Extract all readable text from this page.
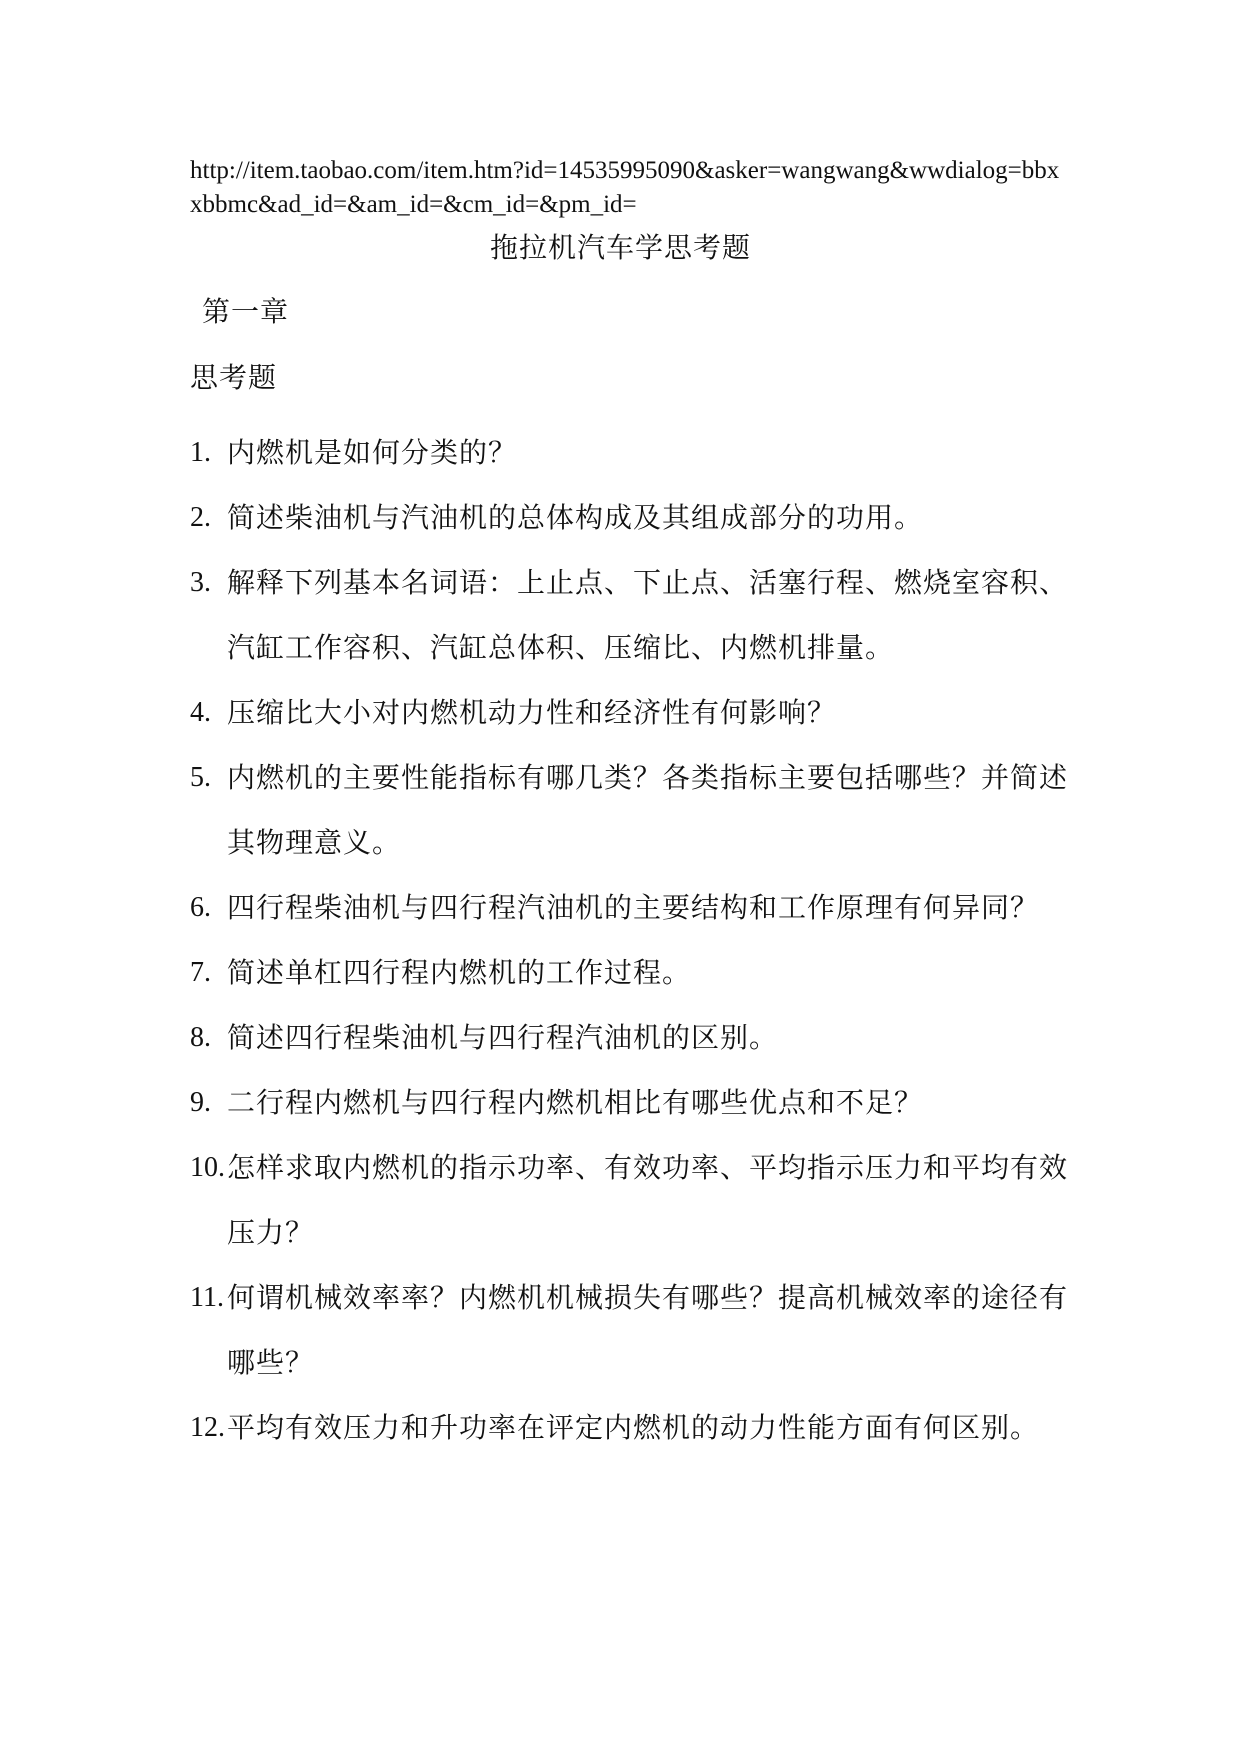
http://item.taobao.com/item.htm?id=14535995090&asker=wangwang&wwdialog=bbxxbbmc&ad_id=&am_id=&cm_id=&pm_id=
拖拉机汽车学思考题
第一章
思考题
1. 内燃机是如何分类的？
2. 简述柴油机与汽油机的总体构成及其组成部分的功用。
3. 解释下列基本名词语：上止点、下止点、活塞行程、燃烧室容积、汽缸工作容积、汽缸总体积、压缩比、内燃机排量。
4. 压缩比大小对内燃机动力性和经济性有何影响？
5. 内燃机的主要性能指标有哪几类？各类指标主要包括哪些？并简述其物理意义。
6. 四行程柴油机与四行程汽油机的主要结构和工作原理有何异同？
7. 简述单杠四行程内燃机的工作过程。
8. 简述四行程柴油机与四行程汽油机的区别。
9. 二行程内燃机与四行程内燃机相比有哪些优点和不足？
10. 怎样求取内燃机的指示功率、有效功率、平均指示压力和平均有效压力？
11. 何谓机械效率率？内燃机机械损失有哪些？提高机械效率的途径有哪些？
12. 平均有效压力和升功率在评定内燃机的动力性能方面有何区别。
